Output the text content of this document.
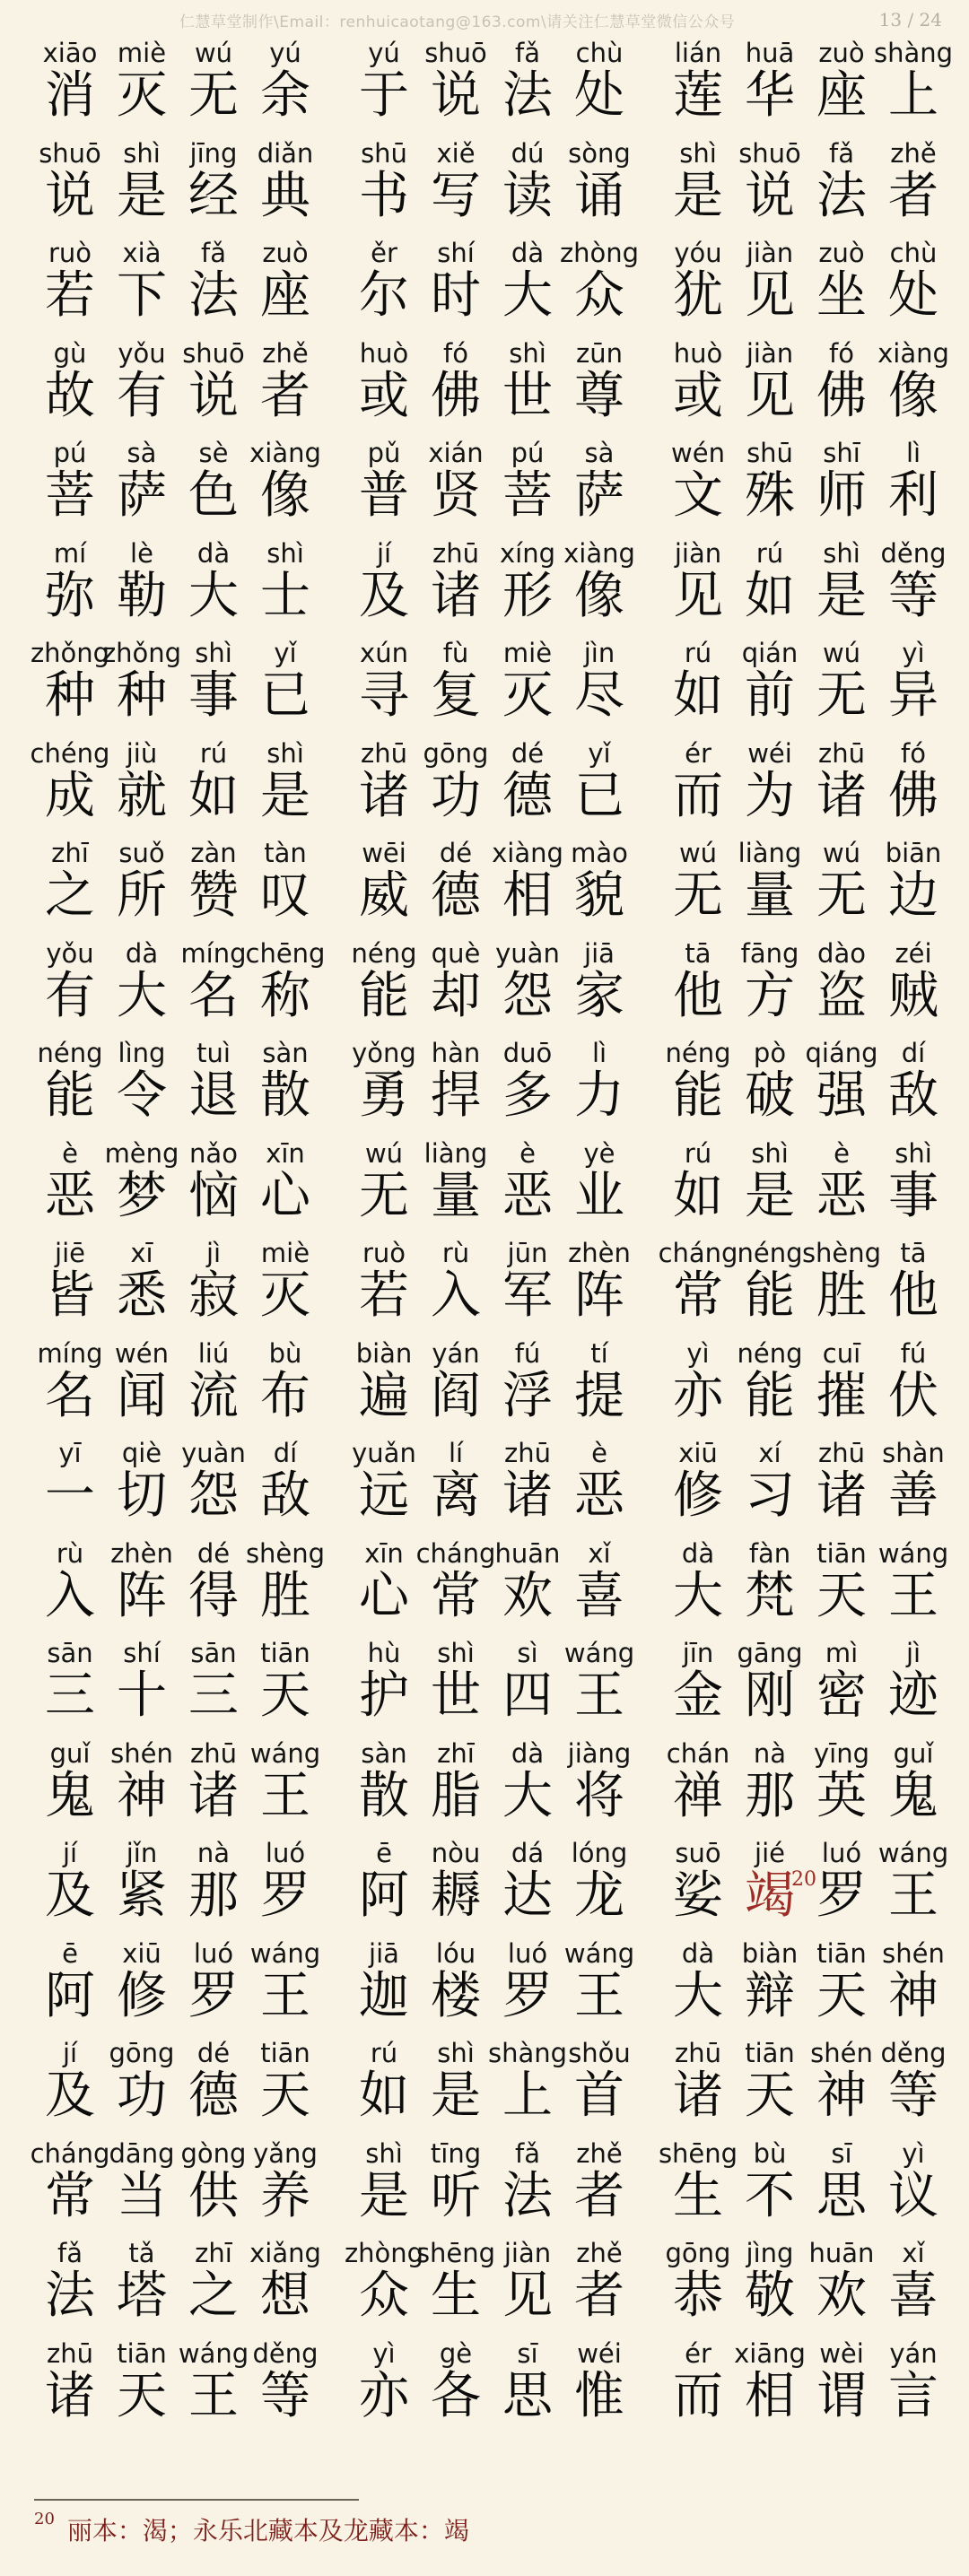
仁慧草堂制作\Email：renhuicaotang@163.com\请关注仁慧草堂微信公众号	13 / 24
xiāo
消
miè
灭
wú
无
yú
余
yú
于
shuō
说
fǎ
法
chù
处
lián
莲
huā
华
zuò
座
shàng
上
shuō
说
shì
是
jīng
经
diǎn
典
shū
书
xiě
写
dú
读
sòng
诵
shì
是
shuō
说
fǎ
法
zhě
者
ruò
若
xià
下
fǎ
法
zuò
座
ěr
尔
shí
时
dà
大
zhòng
众
yóu
犹
jiàn
见
zuò
坐
chù
处
gù
故
yǒu
有
shuō
说
zhě
者
huò
或
fó
佛
shì
世
zūn
尊
huò
或
jiàn
见
fó
佛
xiàng
像
pú
菩
sà
萨
sè
色
xiàng
像
pǔ
普
xián
贤
pú
菩
sà
萨
wén
文
shū
殊
shī
师
lì
利
mí
弥
lè
勒
dà
大
shì
士
jí
及
zhū
诸
xíng
形
xiàng
像
jiàn
见
rú
如
shì
是
děng
等
zhǒng
种
zhǒng
种
shì
事
yǐ
已
xún
寻
fù
复
miè
灭
jìn
尽
rú
如
qián
前
wú
无
yì
异
chéng
成
jiù
就
rú
如
shì
是
zhū
诸
gōng
功
dé
德
yǐ
已
ér
而
wéi
为
zhū
诸
fó
佛
zhī
之
suǒ
所
zàn
赞
tàn
叹
wēi
威
dé
德
xiàng
相
mào
貌
wú
无
liàng
量
wú
无
biān
边
yǒu
有
dà
大
míng
名
chēng
称
néng
能
què
却
yuàn
怨
jiā
家
tā
他
fāng
方
dào
盗
zéi
贼
néng
能
lìng
令
tuì
退
sàn
散
yǒng
勇
hàn
捍
duō
多
lì
力
néng
能
pò
破
qiáng
强
dí
敌
è
恶
mèng
梦
nǎo
恼
xīn
心
wú
无
liàng
量
è
恶
yè
业
rú
如
shì
是
è
恶
shì
事
jiē
皆
xī
悉
jì
寂
miè
灭
ruò
若
rù
入
jūn
军
zhèn
阵
cháng
常
néng
能
shèng
胜
tā
他
míng
名
wén
闻
liú
流
bù
布
biàn
遍
yán
阎
fú
浮
tí
提
yì
亦
néng
能
cuī
摧
fú
伏
yī
一
qiè
切
yuàn
怨
dí
敌
yuǎn
远
lí
离
zhū
诸
è
恶
xiū
修
xí
习
zhū
诸
shàn
善
rù
入
zhèn
阵
dé
得
shèng
胜
xīn
心
cháng
常
huān
欢
xǐ
喜
dà
大
fàn
梵
tiān
天
wáng
王
sān
三
shí
十
sān
三
tiān
天
hù
护
shì
世
sì
四
wáng
王
jīn
金
gāng
刚
mì
密
jì
迹
guǐ
鬼
shén
神
zhū
诸
wáng
王
sàn
散
zhī
脂
dà
大
jiàng
将
chán
禅
nà
那
yīng
英
guǐ
鬼
jí
及
jǐn
紧
nà
那
luó
罗
ē
阿
nòu
耨
dá
达
lóng
龙
suō
娑
jié
竭
20
luó
罗
wáng
王
ē
阿
xiū
修
luó
罗
wáng
王
jiā
迦
lóu
楼
luó
罗
wáng
王
dà
大
biàn
辩
tiān
天
shén
神
jí
及
gōng
功
dé
德
tiān
天
rú
如
shì
是
shàng
上
shǒu
首
zhū
诸
tiān
天
shén
神
děng
等
cháng
常
dāng
当
gòng
供
yǎng
养
shì
是
tīng
听
fǎ
法
zhě
者
shēng
生
bù
不
sī
思
yì
议
fǎ
法
tǎ
塔
zhī
之
xiǎng
想
zhòng
众
shēng
生
jiàn
见
zhě
者
gōng
恭
jìng
敬
huān
欢
xǐ
喜
zhū
诸
tiān
天
wáng
王
děng
等
yì
亦
gè
各
sī
思
wéi
惟
ér
而
xiāng
相
wèi
谓
yán
言
20 丽本：渴；永乐北藏本及龙藏本：竭
